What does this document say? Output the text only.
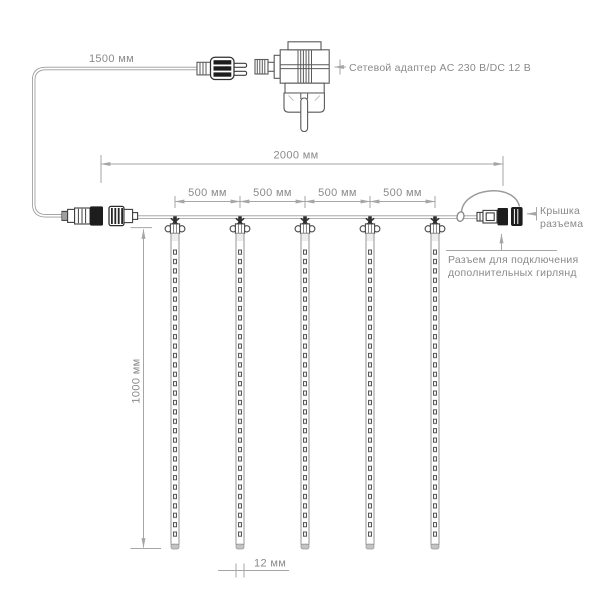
1500 мм
Сетевой адаптер AC 230 В/DC 12 В
2000 мм
500 мм 500 мм 500 мм 500 мм
1000 мм
Крышка
разъема
Разъем для подключения
дополнительных гирлянд
12 мм
